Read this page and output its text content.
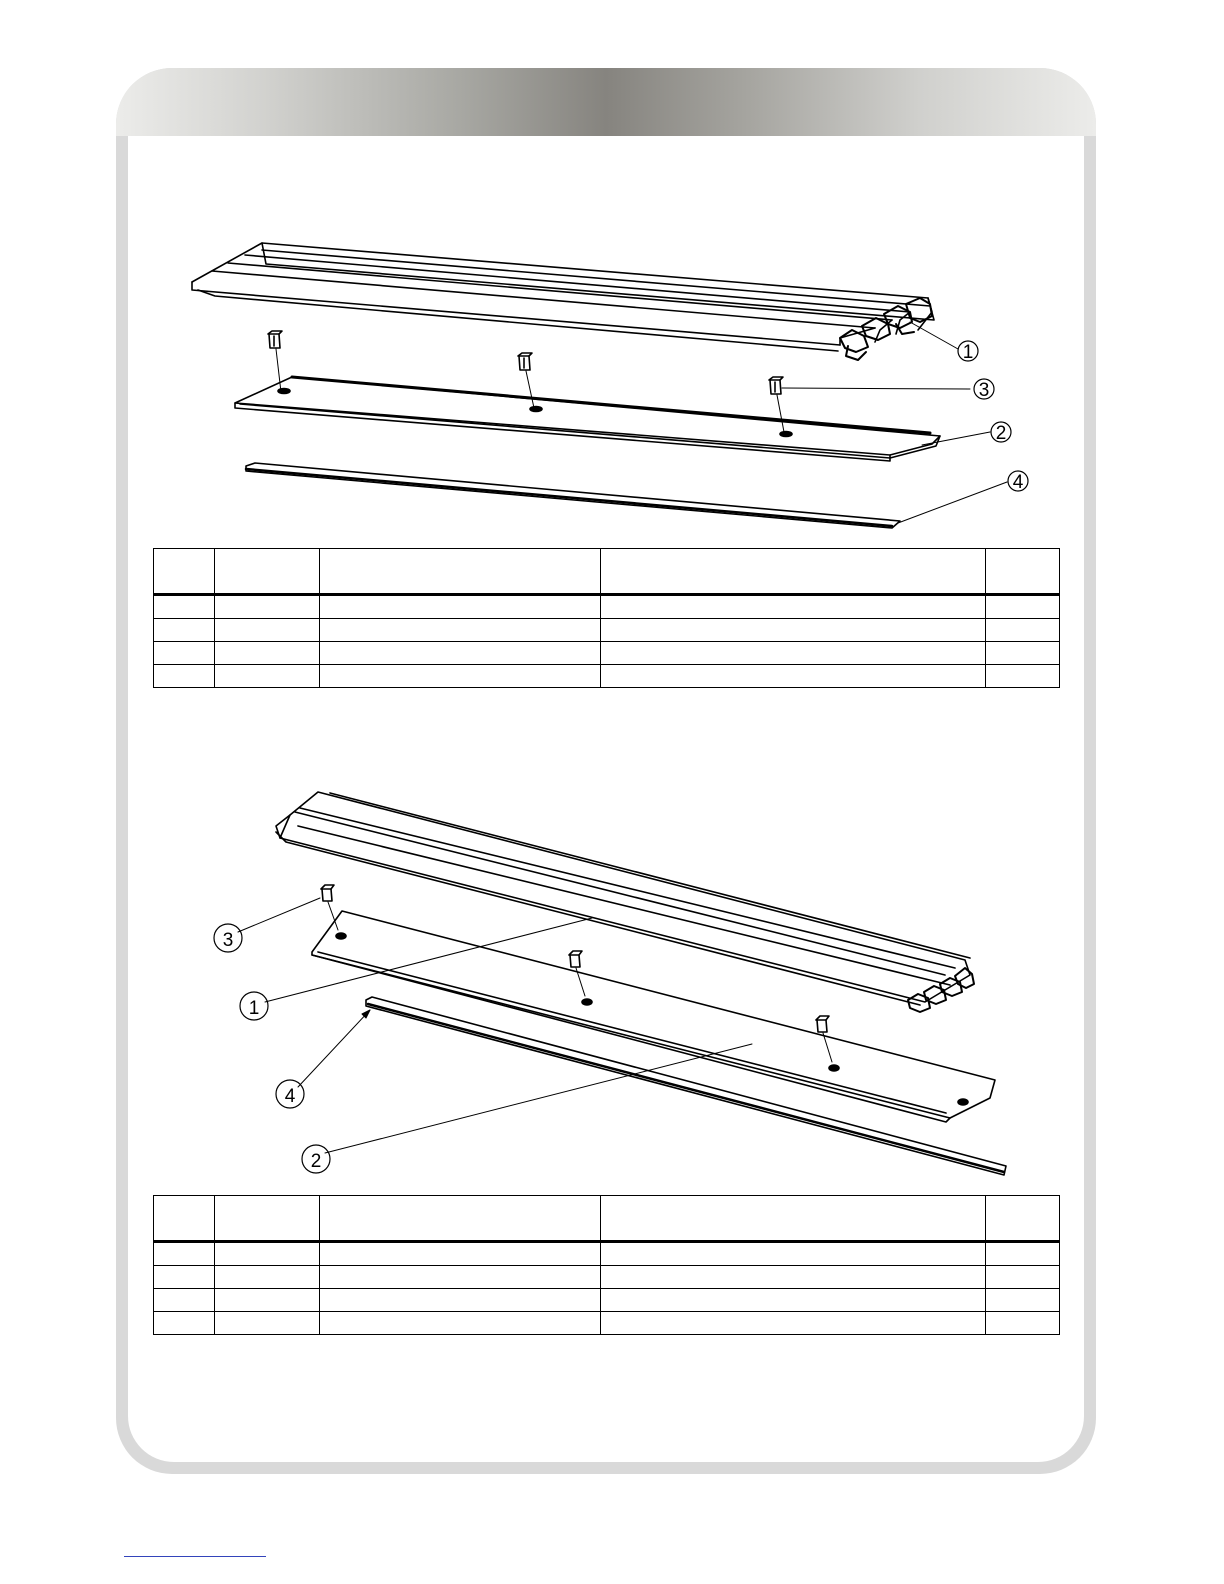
1
3
2
4
3
1
4
2
